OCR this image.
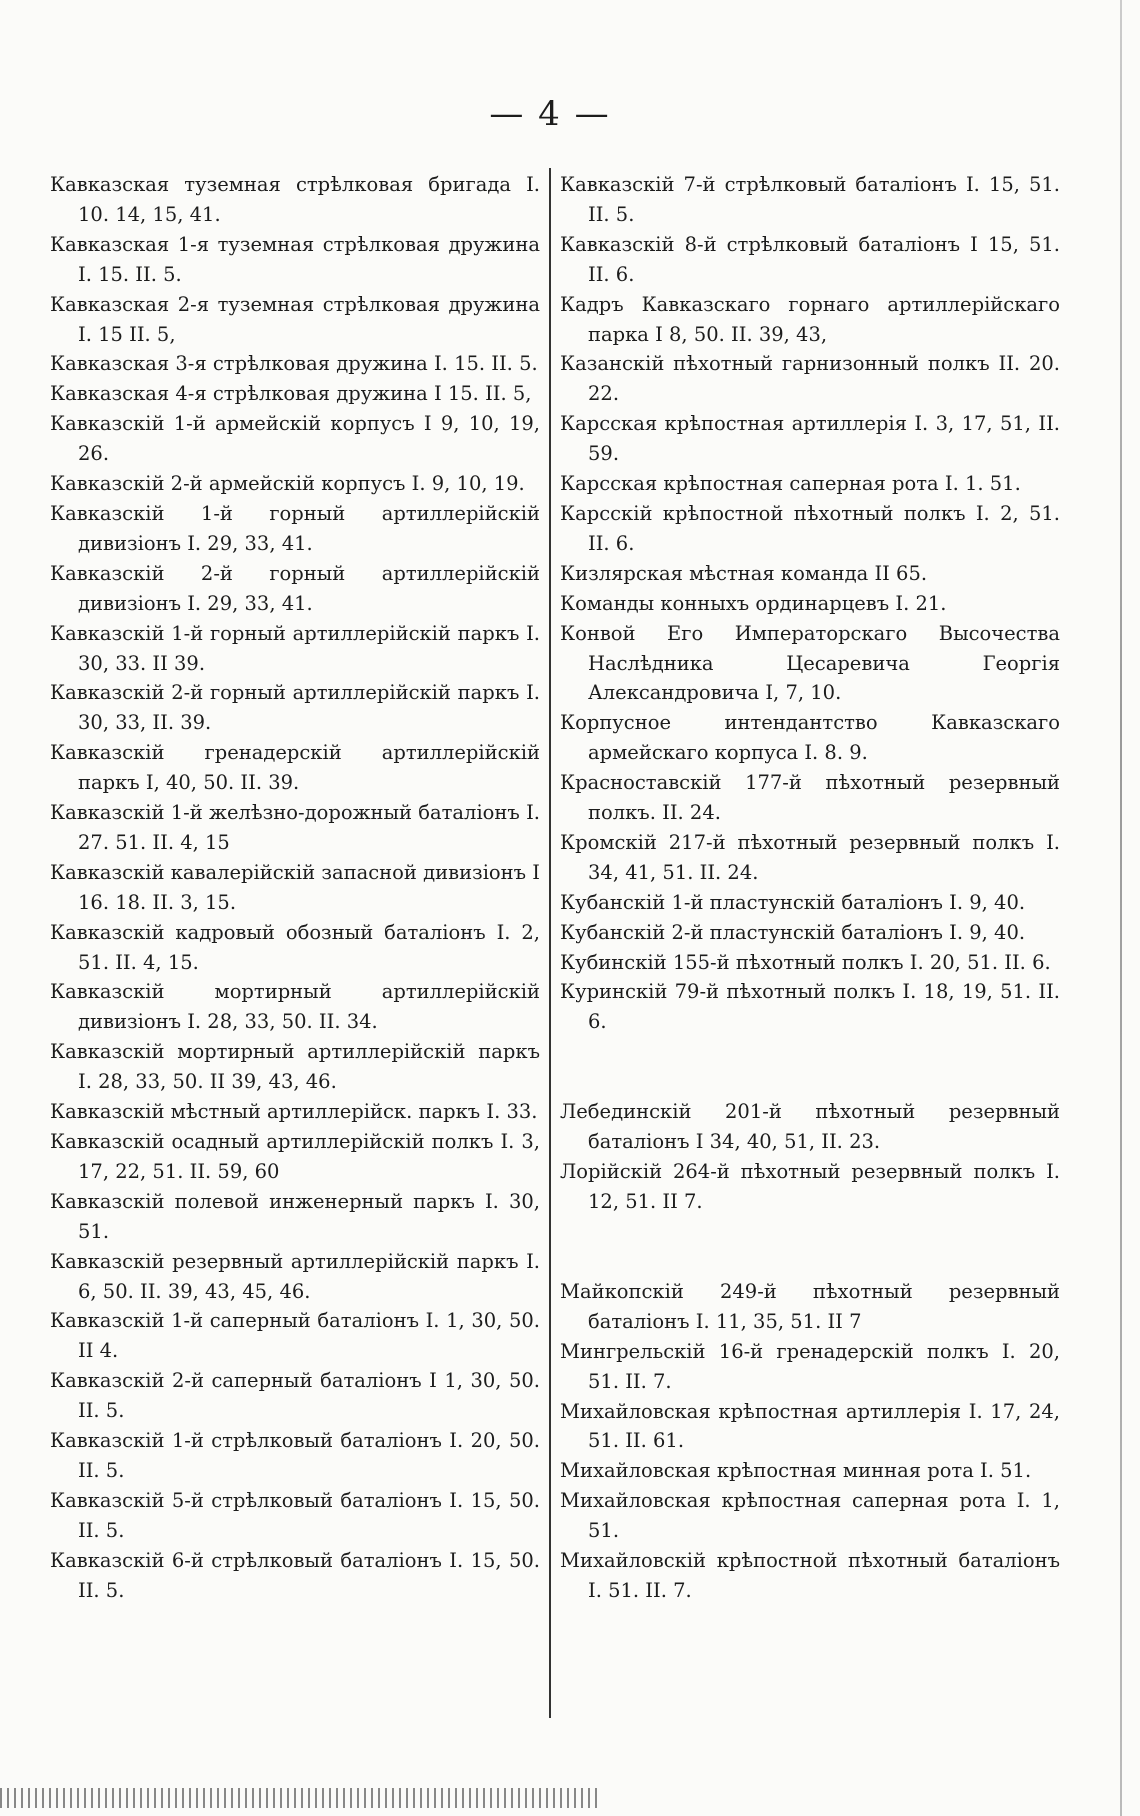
— 4 —
Кавказская туземная стрѣлковая бригада I. 10. 14, 15, 41.
Кавказская 1-я туземная стрѣлковая дружина I. 15. II. 5.
Кавказская 2-я туземная стрѣлковая дружина I. 15 II. 5,
Кавказская 3-я стрѣлковая дружина I. 15. II. 5.
Кавказская 4-я стрѣлковая дружина I 15. II. 5,
Кавказскій 1-й армейскій корпусъ I 9, 10, 19, 26.
Кавказскій 2-й армейскій корпусъ I. 9, 10, 19.
Кавказскій 1-й горный артиллерійскій дивизіонъ I. 29, 33, 41.
Кавказскій 2-й горный артиллерійскій дивизіонъ I. 29, 33, 41.
Кавказскій 1-й горный артиллерійскій паркъ I. 30, 33. II 39.
Кавказскій 2-й горный артиллерійскій паркъ I. 30, 33, II. 39.
Кавказскій гренадерскій артиллерійскій паркъ I, 40, 50. II. 39.
Кавказскій 1-й желѣзно-дорожный баталіонъ I. 27. 51. II. 4, 15
Кавказскій кавалерійскій запасной дивизіонъ I 16. 18. II. 3, 15.
Кавказскій кадровый обозный баталіонъ I. 2, 51. II. 4, 15.
Кавказскій мортирный артиллерійскій дивизіонъ I. 28, 33, 50. II. 34.
Кавказскій мортирный артиллерійскій паркъ I. 28, 33, 50. II 39, 43, 46.
Кавказскій мѣстный артиллерійск. паркъ I. 33.
Кавказскій осадный артиллерійскій полкъ I. 3, 17, 22, 51. II. 59, 60
Кавказскій полевой инженерный паркъ I. 30, 51.
Кавказскій резервный артиллерійскій паркъ I. 6, 50. II. 39, 43, 45, 46.
Кавказскій 1-й саперный баталіонъ I. 1, 30, 50. II 4.
Кавказскій 2-й саперный баталіонъ I 1, 30, 50. II. 5.
Кавказскій 1-й стрѣлковый баталіонъ I. 20, 50. II. 5.
Кавказскій 5-й стрѣлковый баталіонъ I. 15, 50. II. 5.
Кавказскій 6-й стрѣлковый баталіонъ I. 15, 50. II. 5.
Кавказскій 7-й стрѣлковый баталіонъ I. 15, 51. II. 5.
Кавказскій 8-й стрѣлковый баталіонъ I 15, 51. II. 6.
Кадръ Кавказскаго горнаго артиллерійскаго парка I 8, 50. II. 39, 43,
Казанскій пѣхотный гарнизонный полкъ II. 20. 22.
Карсская крѣпостная артиллерія I. 3, 17, 51, II. 59.
Карсская крѣпостная саперная рота I. 1. 51.
Карсскій крѣпостной пѣхотный полкъ I. 2, 51. II. 6.
Кизлярская мѣстная команда II 65.
Команды конныхъ ординарцевъ I. 21.
Конвой Его Императорскаго Высочества Наслѣдника Цесаревича Георгія Александровича I, 7, 10.
Корпусное интендантство Кавказскаго армейскаго корпуса I. 8. 9.
Красноставскій 177-й пѣхотный резервный полкъ. II. 24.
Кромскій 217-й пѣхотный резервный полкъ I. 34, 41, 51. II. 24.
Кубанскій 1-й пластунскій баталіонъ I. 9, 40.
Кубанскій 2-й пластунскій баталіонъ I. 9, 40.
Кубинскій 155-й пѣхотный полкъ I. 20, 51. II. 6.
Куринскій 79-й пѣхотный полкъ I. 18, 19, 51. II. 6.
Лебединскій 201-й пѣхотный резервный баталіонъ I 34, 40, 51, II. 23.
Лорійскій 264-й пѣхотный резервный полкъ I. 12, 51. II 7.
Майкопскій 249-й пѣхотный резервный баталіонъ I. 11, 35, 51. II 7
Мингрельскій 16-й гренадерскій полкъ I. 20, 51. II. 7.
Михайловская крѣпостная артиллерія I. 17, 24, 51. II. 61.
Михайловская крѣпостная минная рота I. 51.
Михайловская крѣпостная саперная рота I. 1, 51.
Михайловскій крѣпостной пѣхотный баталіонъ I. 51. II. 7.
